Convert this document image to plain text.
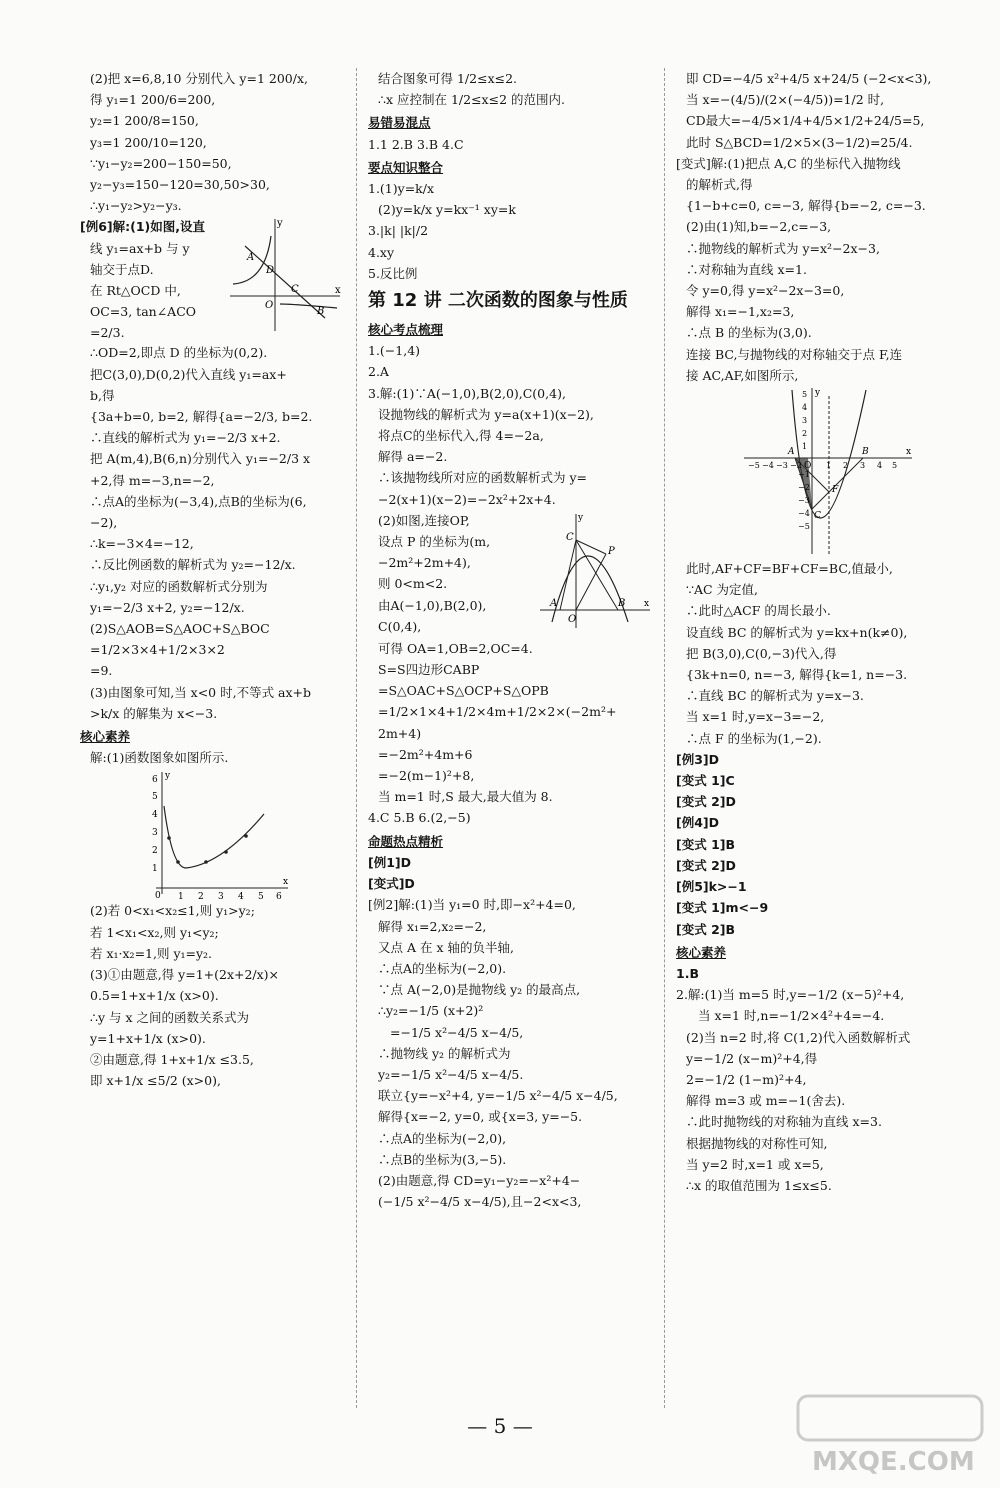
(2)把 x=6,8,10 分别代入 y=1 200/x,
得 y₁=1 200/6=200,
y₂=1 200/8=150,
y₃=1 200/10=120,
∵y₁−y₂=200−150=50,
y₂−y₃=150−120=30,50>30,
∴y₁−y₂>y₂−y₃.
[例6]解:(1)如图,设直
线 y₁=ax+b 与 y
轴交于点D.
在 Rt△OCD 中,
OC=3, tan∠ACO
=2/3.
y
x
A
D
C
O
B
∴OD=2,即点 D 的坐标为(0,2).
把C(3,0),D(0,2)代入直线 y₁=ax+
b,得
{3a+b=0, b=2, 解得{a=−2/3, b=2.
∴直线的解析式为 y₁=−2/3 x+2.
把 A(m,4),B(6,n)分别代入 y₁=−2/3 x
+2,得 m=−3,n=−2,
∴点A的坐标为(−3,4),点B的坐标为(6,
−2),
∴k=−3×4=−12,
∴反比例函数的解析式为 y₂=−12/x.
∴y₁,y₂ 对应的函数解析式分别为
y₁=−2/3 x+2, y₂=−12/x.
(2)S△AOB=S△AOC+S△BOC
=1/2×3×4+1/2×3×2
=9.
(3)由图象可知,当 x<0 时,不等式 ax+b
>k/x 的解集为 x<−3.
核心素养
解:(1)函数图象如图所示.
y
x
0 1 2 3 4 5 6
1
2
3
4
5
6
(2)若 0<x₁<x₂≤1,则 y₁>y₂;
若 1<x₁<x₂,则 y₁<y₂;
若 x₁·x₂=1,则 y₁=y₂.
(3)①由题意,得 y=1+(2x+2/x)×
0.5=1+x+1/x (x>0).
∴y 与 x 之间的函数关系式为
y=1+x+1/x (x>0).
②由题意,得 1+x+1/x ≤3.5,
即 x+1/x ≤5/2 (x>0),
结合图象可得 1/2≤x≤2.
∴x 应控制在 1/2≤x≤2 的范围内.
易错易混点
1.1 2.B 3.B 4.C
要点知识整合
1.(1)y=k/x
(2)y=k/x y=kx⁻¹ xy=k
3.|k| |k|/2
4.xy
5.反比例
第 12 讲 二次函数的图象与性质
核心考点梳理
1.(−1,4)
2.A
3.解:(1)∵A(−1,0),B(2,0),C(0,4),
设抛物线的解析式为 y=a(x+1)(x−2),
将点C的坐标代入,得 4=−2a,
解得 a=−2.
∴该抛物线所对应的函数解析式为 y=
−2(x+1)(x−2)=−2x²+2x+4.
(2)如图,连接OP,
设点 P 的坐标为(m,
−2m²+2m+4),
则 0<m<2.
由A(−1,0),B(2,0),
C(0,4),
y
x
C
P
A
O
B
可得 OA=1,OB=2,OC=4.
S=S四边形CABP
=S△OAC+S△OCP+S△OPB
=1/2×1×4+1/2×4m+1/2×2×(−2m²+
2m+4)
=−2m²+4m+6
=−2(m−1)²+8,
当 m=1 时,S 最大,最大值为 8.
4.C 5.B 6.(2,−5)
命题热点精析
[例1]D
[变式]D
[例2]解:(1)当 y₁=0 时,即−x²+4=0,
解得 x₁=2,x₂=−2,
又点 A 在 x 轴的负半轴,
∴点A的坐标为(−2,0).
∵点 A(−2,0)是抛物线 y₂ 的最高点,
∴y₂=−1/5 (x+2)²
=−1/5 x²−4/5 x−4/5,
∴抛物线 y₂ 的解析式为
y₂=−1/5 x²−4/5 x−4/5.
联立{y=−x²+4, y=−1/5 x²−4/5 x−4/5,
解得{x=−2, y=0, 或{x=3, y=−5.
∴点A的坐标为(−2,0),
∴点B的坐标为(3,−5).
(2)由题意,得 CD=y₁−y₂=−x²+4−
(−1/5 x²−4/5 x−4/5),且−2<x<3,
即 CD=−4/5 x²+4/5 x+24/5 (−2<x<3),
当 x=−(4/5)/(2×(−4/5))=1/2 时,
CD最大=−4/5×1/4+4/5×1/2+24/5=5,
此时 S△BCD=1/2×5×(3−1/2)=25/4.
[变式]解:(1)把点 A,C 的坐标代入抛物线
的解析式,得
{1−b+c=0, c=−3, 解得{b=−2, c=−3.
(2)由(1)知,b=−2,c=−3,
∴抛物线的解析式为 y=x²−2x−3,
∴对称轴为直线 x=1.
令 y=0,得 y=x²−2x−3=0,
解得 x₁=−1,x₂=3,
∴点 B 的坐标为(3,0).
连接 BC,与抛物线的对称轴交于点 F,连
接 AC,AF,如图所示,
O
x
y
A	B
F
C
−5 −4 −3 −2	1 2 3 4 5
5
4
3
2
1
−1
−2
−3
−4
−5
此时,AF+CF=BF+CF=BC,值最小,
∵AC 为定值,
∴此时△ACF 的周长最小.
设直线 BC 的解析式为 y=kx+n(k≠0),
把 B(3,0),C(0,−3)代入,得
{3k+n=0, n=−3, 解得{k=1, n=−3.
∴直线 BC 的解析式为 y=x−3.
当 x=1 时,y=x−3=−2,
∴点 F 的坐标为(1,−2).
[例3]D
[变式 1]C
[变式 2]D
[例4]D
[变式 1]B
[变式 2]D
[例5]k>−1
[变式 1]m<−9
[变式 2]B
核心素养
1.B
2.解:(1)当 m=5 时,y=−1/2 (x−5)²+4,
当 x=1 时,n=−1/2×4²+4=−4.
(2)当 n=2 时,将 C(1,2)代入函数解析式
y=−1/2 (x−m)²+4,得
2=−1/2 (1−m)²+4,
解得 m=3 或 m=−1(舍去).
∴此时抛物线的对称轴为直线 x=3.
根据抛物线的对称性可知,
当 y=2 时,x=1 或 x=5,
∴x 的取值范围为 1≤x≤5.
— 5 —
MXQE.COM
